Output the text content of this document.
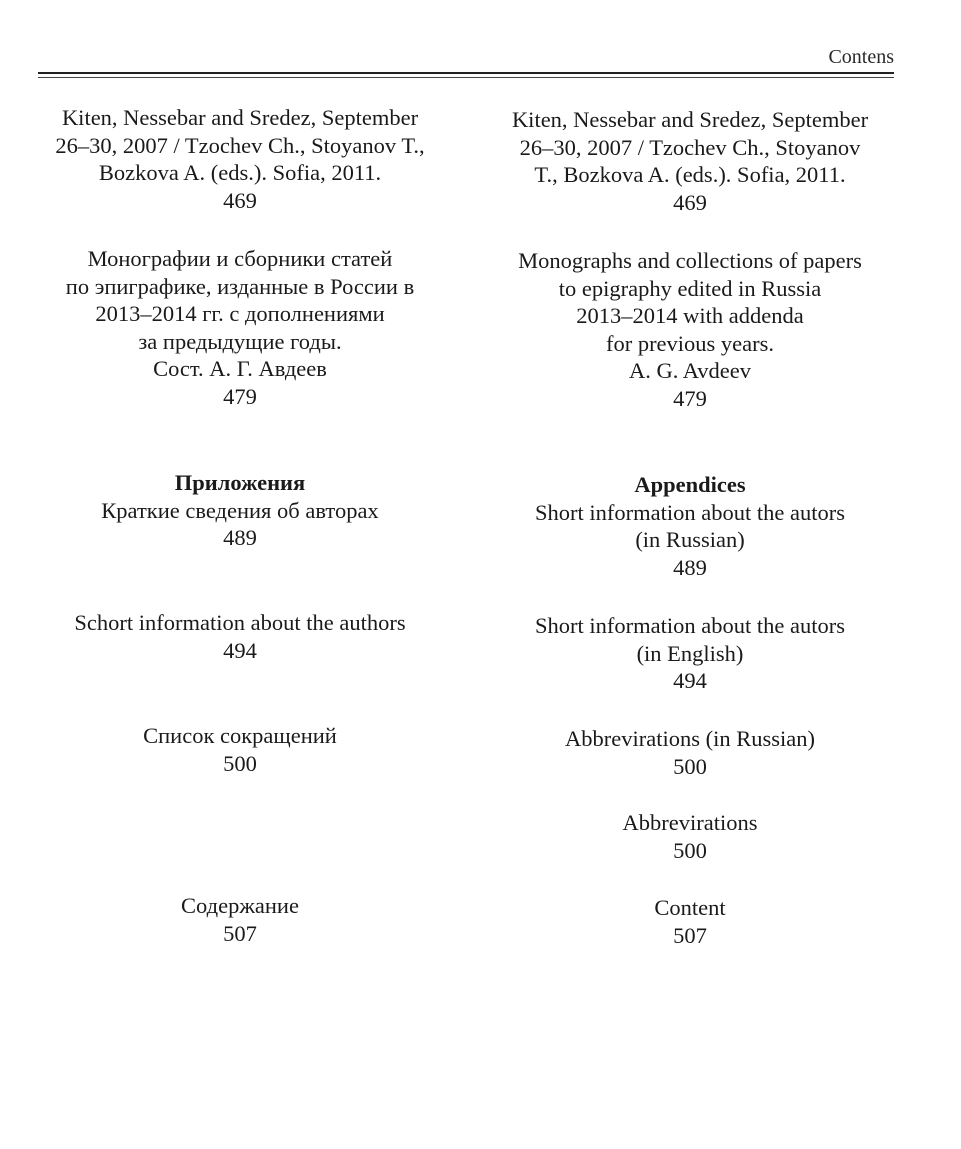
Contens
Kiten, Nessebar and Sredez, September
26–30, 2007 / Tzochev Ch., Stoyanov T.,
Bozkova A. (eds.). Sofia, 2011.
469
Монографии и сборники статей
по эпиграфике, изданные в России в
2013–2014 гг. с дополнениями
за предыдущие годы.
Сост. А. Г. Авдеев
479
Приложения
Краткие сведения об авторах
489
Schort information about the authors
494
Список сокращений
500
Содержание
507
Kiten, Nessebar and Sredez, September
26–30, 2007 / Tzochev Ch., Stoyanov
T., Bozkova A. (eds.). Sofia, 2011.
469
Monographs and collections of papers
to epigraphy edited in Russia
2013–2014 with addenda
for previous years.
A. G. Avdeev
479
Appendices
Short information about the autors
(in Russian)
489
Short information about the autors
(in English)
494
Abbrevirations (in Russian)
500
Abbrevirations
500
Content
507
